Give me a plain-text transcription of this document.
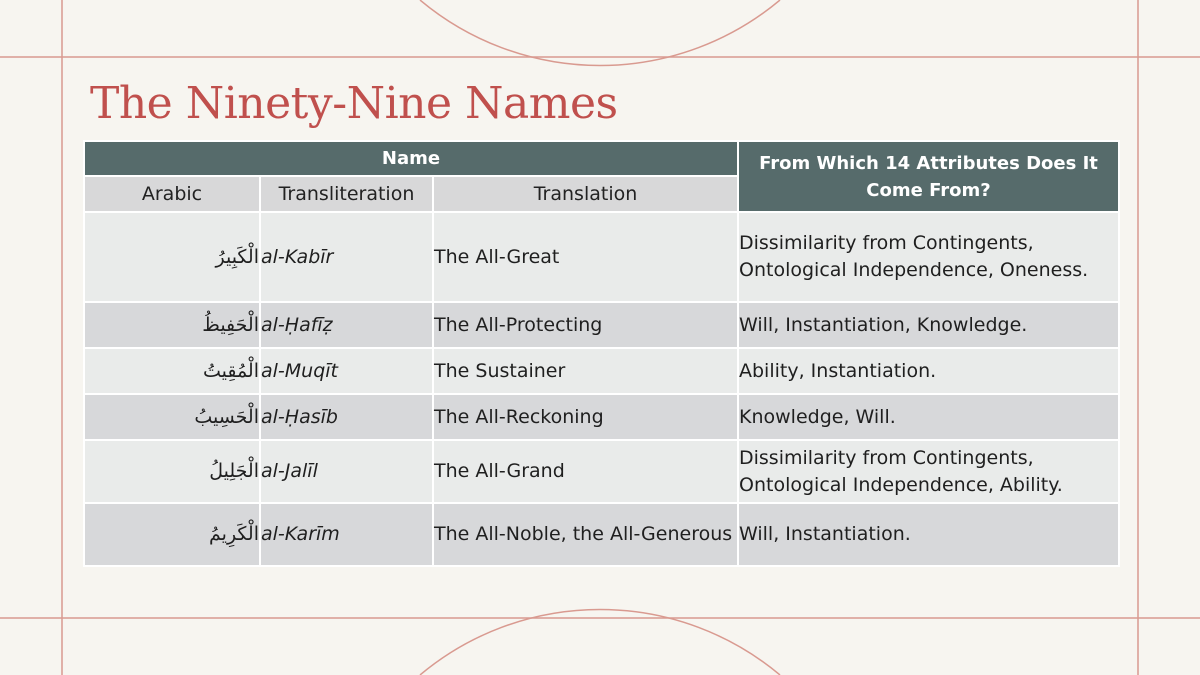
The Ninety-Nine Names
Name			From Which 14 Attributes Does It Come From?
Arabic	Transliteration	Translation	
الْكَبِيرُ	al-Kabīr	The All-Great	Dissimilarity from Contingents, Ontological Independence, Oneness.
الْحَفِيظُ	al-Ḥafīẓ	The All-Protecting	Will, Instantiation, Knowledge.
الْمُقِيتُ	al-Muqīt	The Sustainer	Ability, Instantiation.
الْحَسِيبُ	al-Ḥasīb	The All-Reckoning	Knowledge, Will.
الْجَلِيلُ	al-Jalīl	The All-Grand	Dissimilarity from Contingents, Ontological Independence, Ability.
الْكَرِيمُ	al-Karīm	The All-Noble, the All-Generous	Will, Instantiation.
